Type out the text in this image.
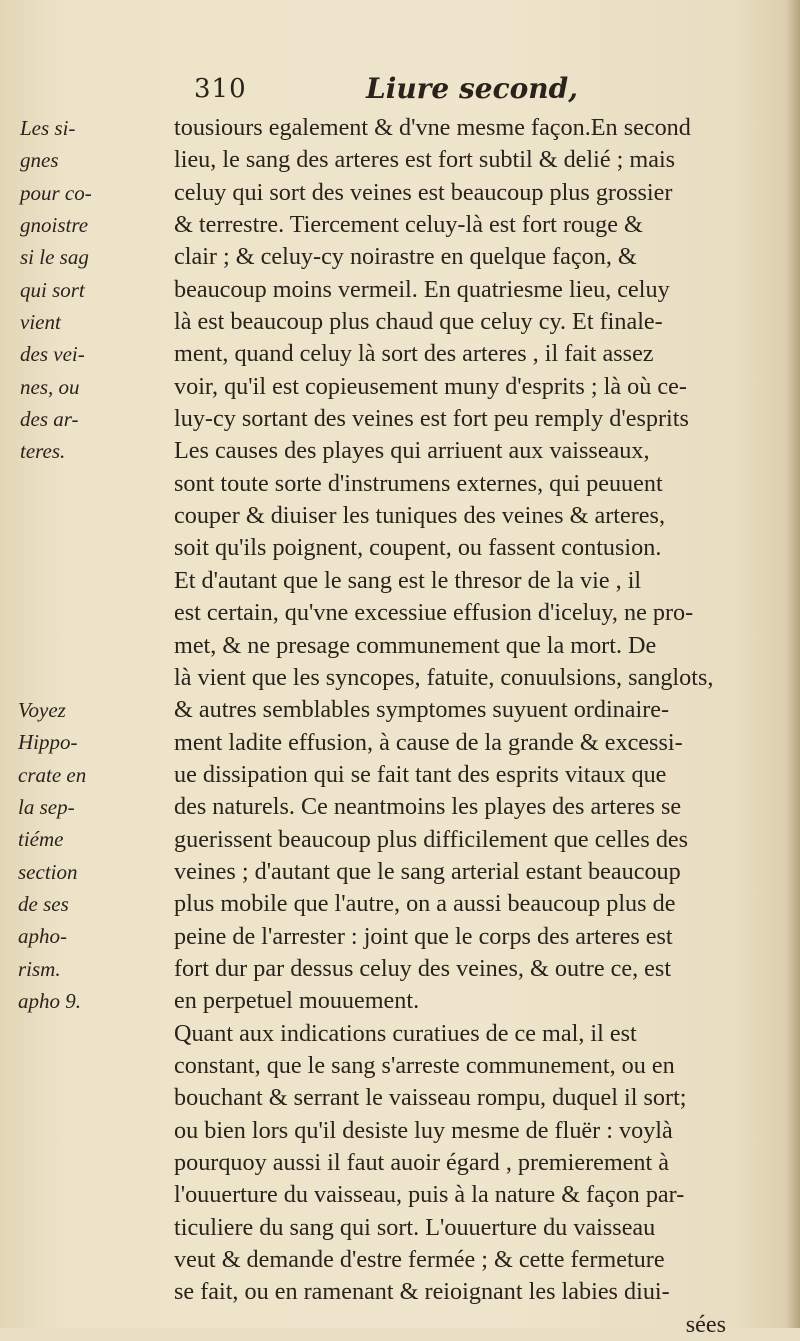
310	Liure second,
Les si-
gnes
pour co-
gnoistre
si le sag
qui sort
vient
des vei-
nes, ou
des ar-
teres.
Voyez
Hippo-
crate en
la sep-
tiéme
section
de ses
apho-
rism.
apho 9.
tousiours egalement & d'vne mesme façon.En second
lieu, le sang des arteres est fort subtil & delié ; mais
celuy qui sort des veines est beaucoup plus grossier
& terrestre. Tiercement celuy-là est fort rouge &
clair ; & celuy-cy noirastre en quelque façon, &
beaucoup moins vermeil. En quatriesme lieu, celuy
là est beaucoup plus chaud que celuy cy. Et finale-
ment, quand celuy là sort des arteres , il fait assez
voir, qu'il est copieusement muny d'esprits ; là où ce-
luy-cy sortant des veines est fort peu remply d'esprits
Les causes des playes qui arriuent aux vaisseaux,
sont toute sorte d'instrumens externes, qui peuuent
couper & diuiser les tuniques des veines & arteres,
soit qu'ils poignent, coupent, ou fassent contusion.
Et d'autant que le sang est le thresor de la vie , il
est certain, qu'vne excessiue effusion d'iceluy, ne pro-
met, & ne presage communement que la mort. De
là vient que les syncopes, fatuite, conuulsions, sanglots,
& autres semblables symptomes suyuent ordinaire-
ment ladite effusion, à cause de la grande & excessi-
ue dissipation qui se fait tant des esprits vitaux que
des naturels. Ce neantmoins les playes des arteres se
guerissent beaucoup plus difficilement que celles des
veines ; d'autant que le sang arterial estant beaucoup
plus mobile que l'autre, on a aussi beaucoup plus de
peine de l'arrester : joint que le corps des arteres est
fort dur par dessus celuy des veines, & outre ce, est
en perpetuel mouuement.
Quant aux indications curatiues de ce mal, il est
constant, que le sang s'arreste communement, ou en
bouchant & serrant le vaisseau rompu, duquel il sort;
ou bien lors qu'il desiste luy mesme de fluër : voylà
pourquoy aussi il faut auoir égard , premierement à
l'ouuerture du vaisseau, puis à la nature & façon par-
ticuliere du sang qui sort. L'ouuerture du vaisseau
veut & demande d'estre fermée ; & cette fermeture
se fait, ou en ramenant & reioignant les labies diui-
sées
